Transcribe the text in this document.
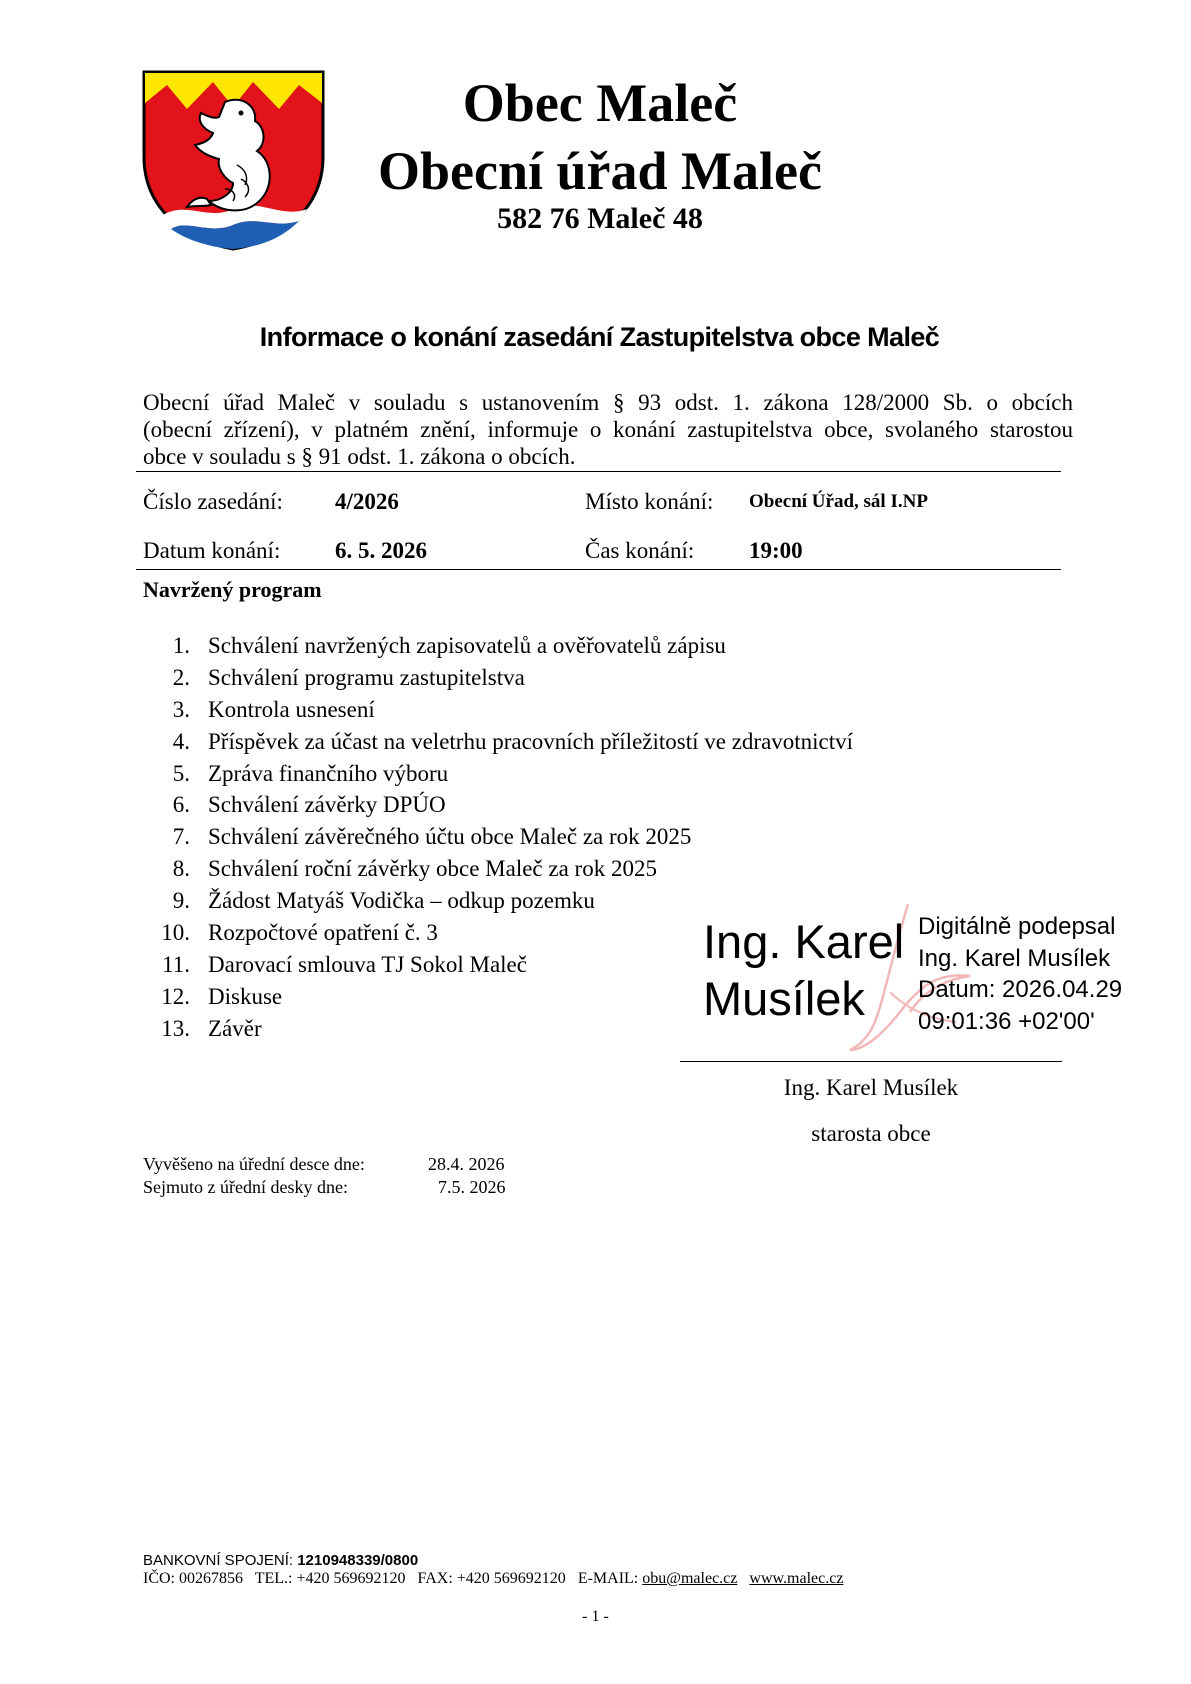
Obec Maleč
Obecní úřad Maleč
582 76 Maleč 48
Informace o konání zasedání Zastupitelstva obce Maleč

Obecní úřad Maleč v souladu s ustanovením § 93 odst. 1. zákona 128/2000 Sb. o obcích
(obecní zřízení), v platném znění, informuje o konání zastupitelstva obce, svolaného starostou
obce v souladu s § 91 odst. 1. zákona o obcích.

Číslo zasedání: 4/2026	Místo konání: Obecní Úřad, sál I.NP
Datum konání: 6. 5. 2026	Čas konání: 19:00
Navržený program
1. Schválení navržených zapisovatelů a ověřovatelů zápisu
2. Schválení programu zastupitelstva
3. Kontrola usnesení
4. Příspěvek za účast na veletrhu pracovních příležitostí ve zdravotnictví
5. Zpráva finančního výboru
6. Schválení závěrky DPÚO
7. Schválení závěrečného účtu obce Maleč za rok 2025
8. Schválení roční závěrky obce Maleč za rok 2025
9. Žádost Matyáš Vodička – odkup pozemku
10. Rozpočtové opatření č. 3
11. Darovací smlouva TJ Sokol Maleč
12. Diskuse
13. Závěr
Ing. Karel
Musílek
Digitálně podepsal
Ing. Karel Musílek
Datum: 2026.04.29
09:01:36 +02'00'
Ing. Karel Musílek
starosta obce
Vyvěšeno na úřední desce dne:	28.4. 2026
Sejmuto z úřední desky dne:	7.5. 2026
BANKOVNÍ SPOJENÍ: 1210948339/0800
IČO: 00267856 TEL.: +420 569692120 FAX: +420 569692120 E-MAIL: obu@malec.cz www.malec.cz
- 1 -
